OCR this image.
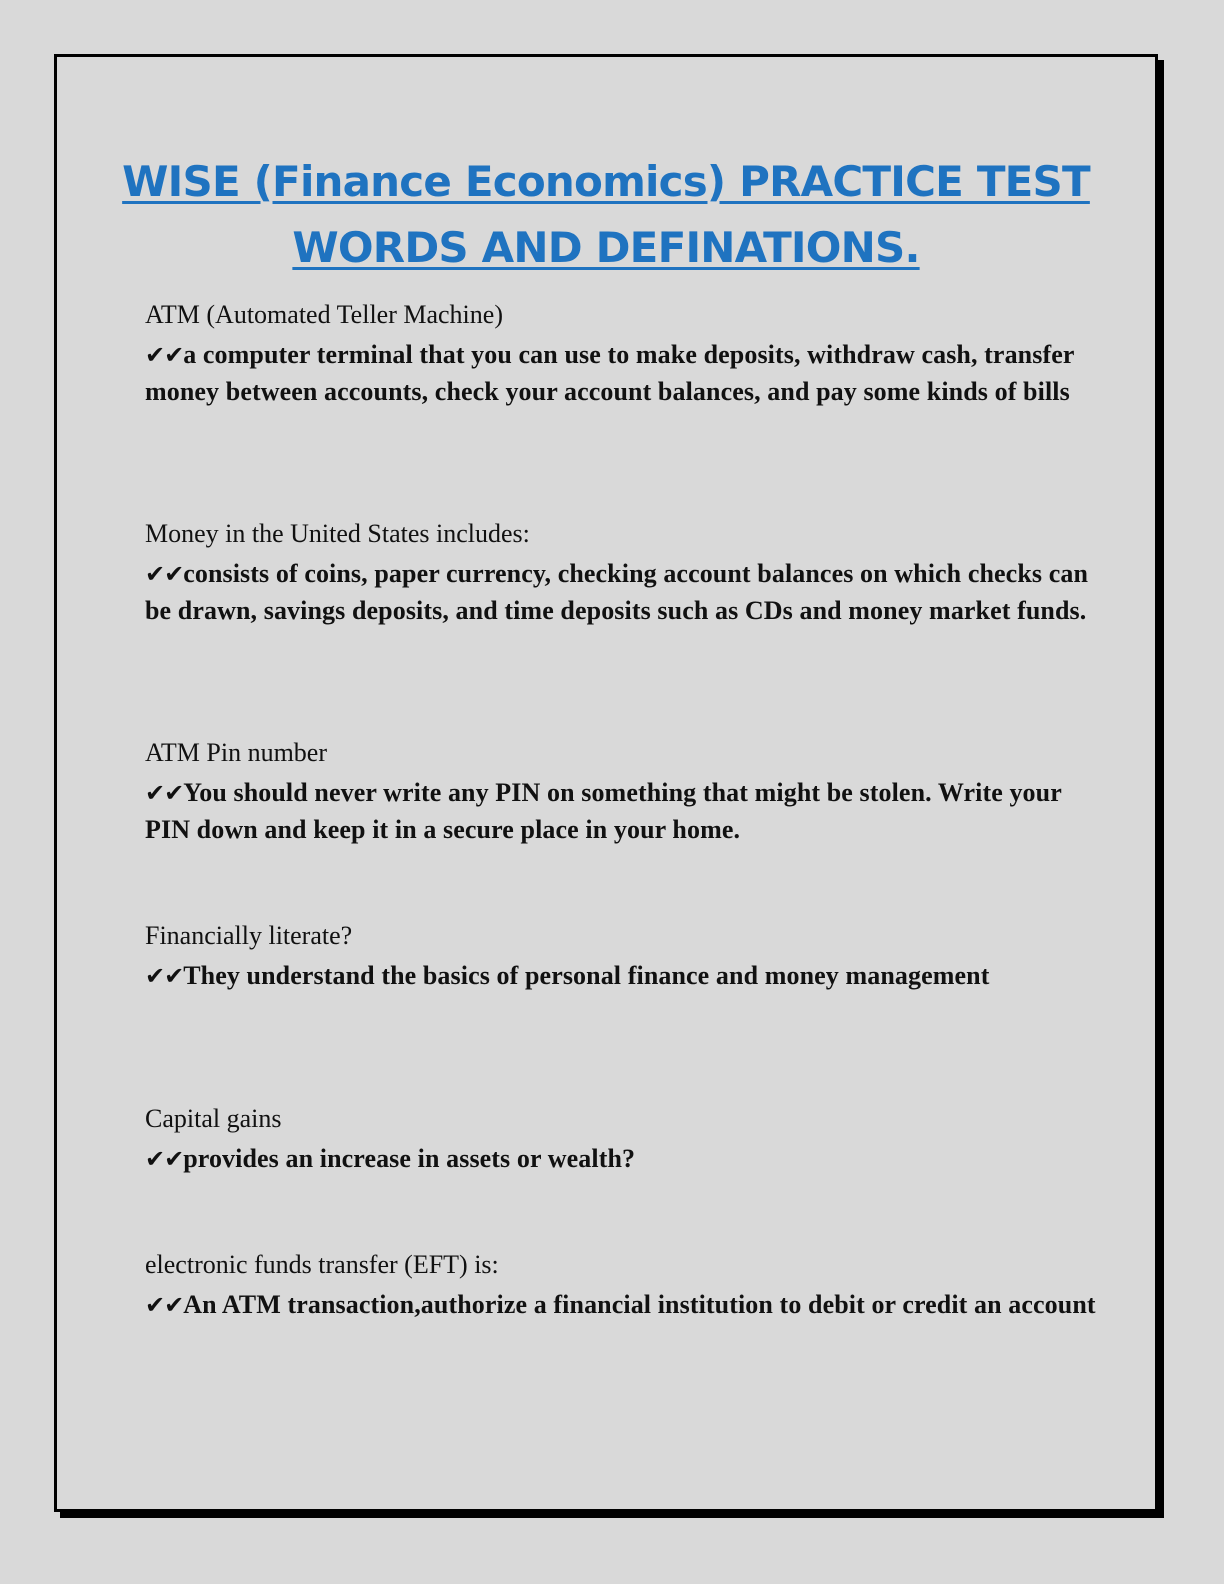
WISE (Finance Economics) PRACTICE TEST
WORDS AND DEFINATIONS.
ATM (Automated Teller Machine)
✔✔a computer terminal that you can use to make deposits, withdraw cash, transfer money between accounts, check your account balances, and pay some kinds of bills
Money in the United States includes:
✔✔consists of coins, paper currency, checking account balances on which checks can be drawn, savings deposits, and time deposits such as CDs and money market funds.
ATM Pin number
✔✔You should never write any PIN on something that might be stolen. Write your PIN down and keep it in a secure place in your home.
Financially literate?
✔✔They understand the basics of personal finance and money management
Capital gains
✔✔provides an increase in assets or wealth?
electronic funds transfer (EFT) is:
✔✔An ATM transaction,authorize a financial institution to debit or credit an account
